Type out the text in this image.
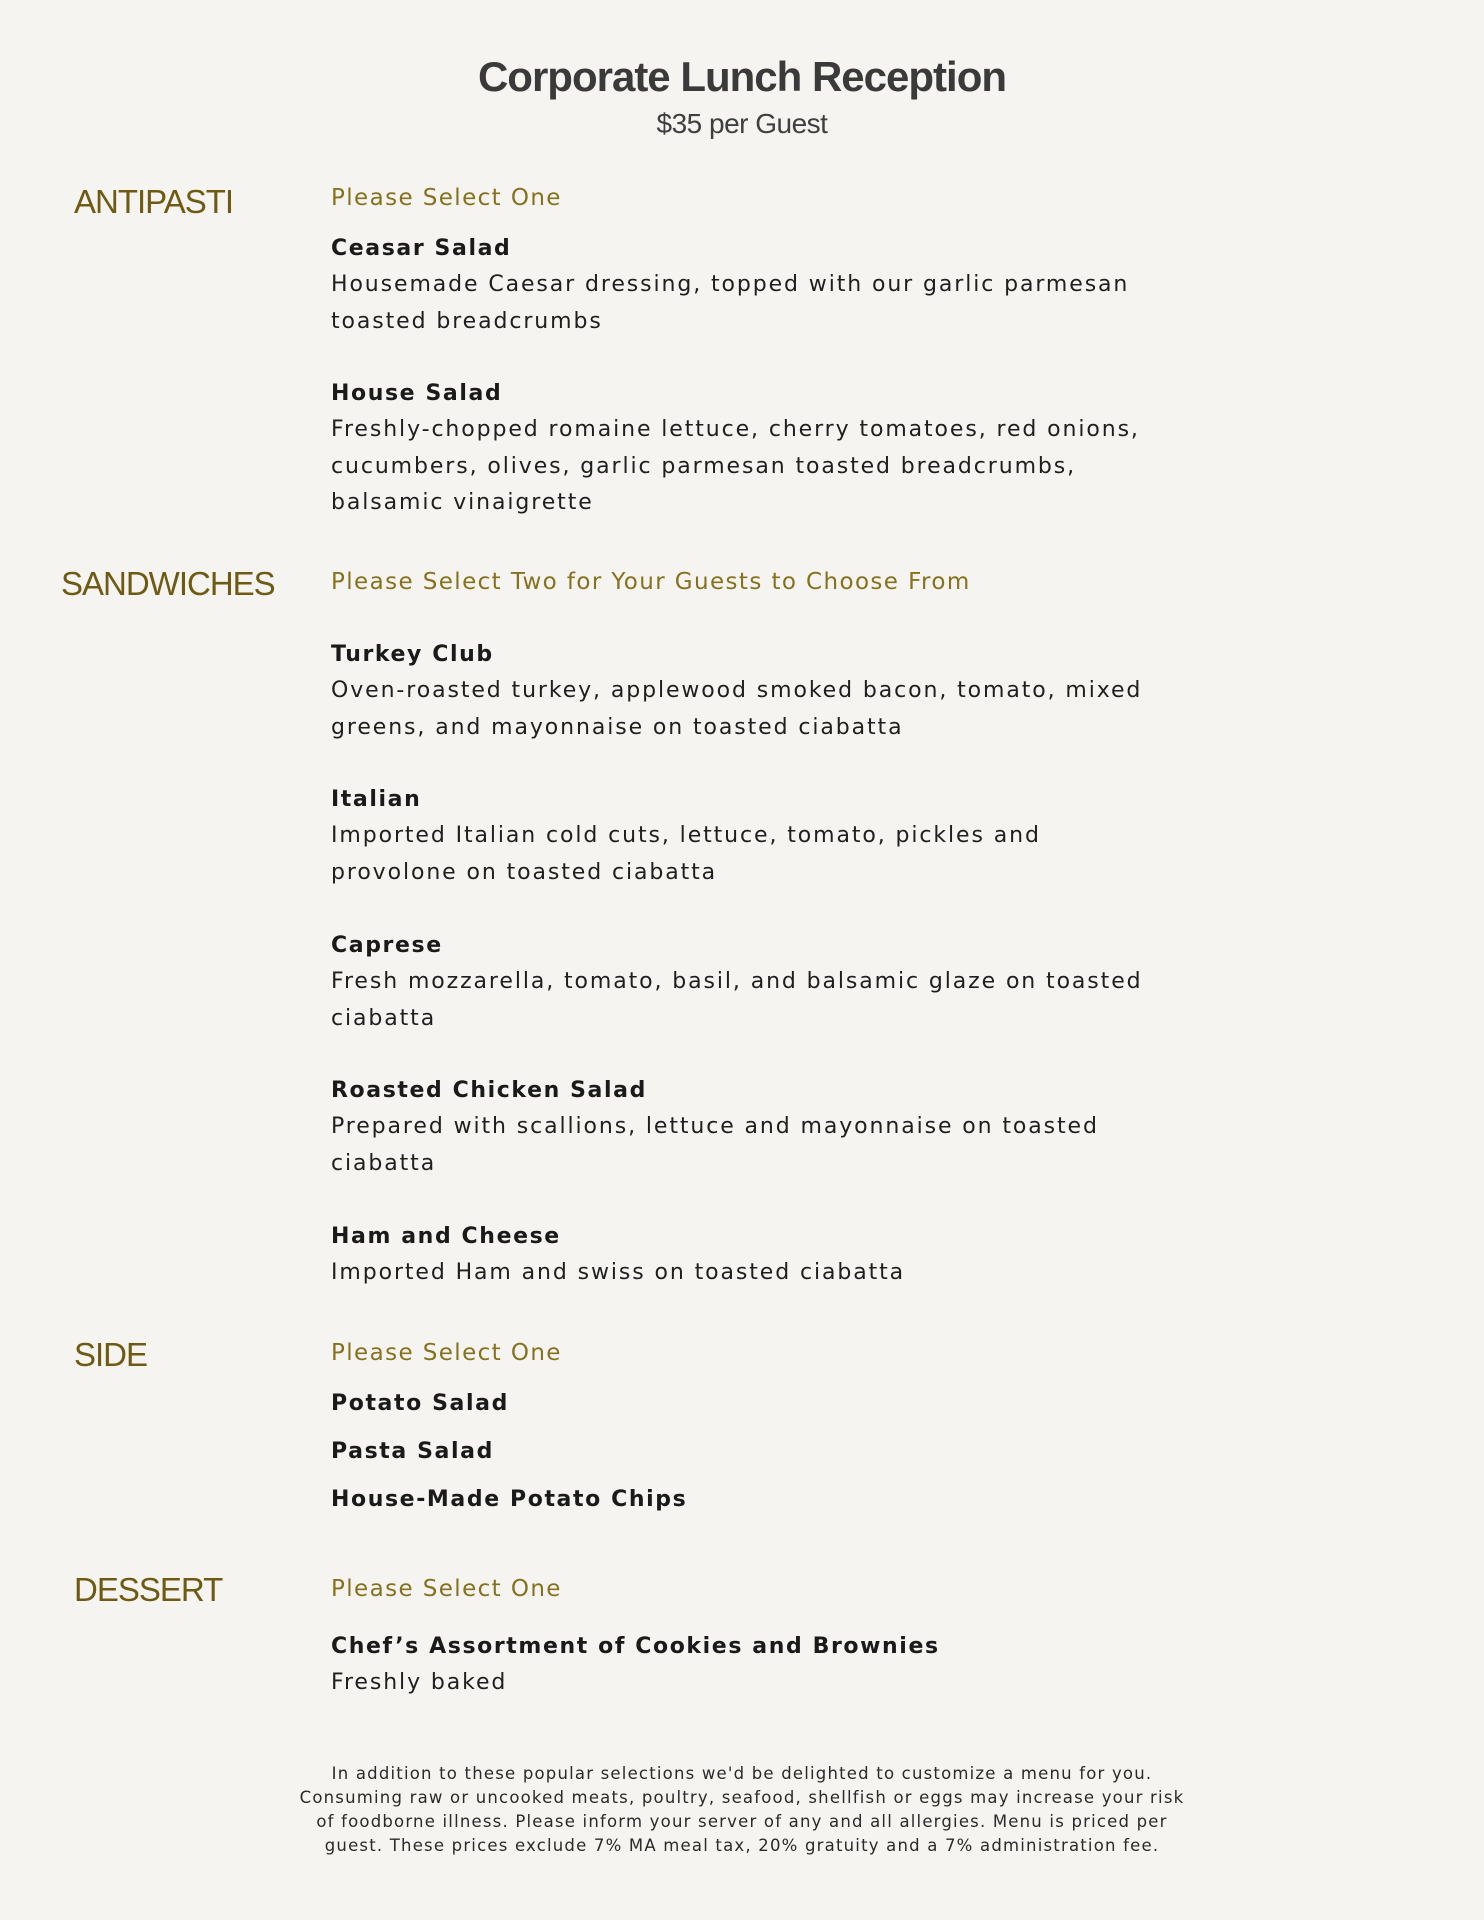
Corporate Lunch Reception
$35 per Guest
ANTIPASTI	Please Select One
Ceasar Salad
Housemade Caesar dressing, topped with our garlic parmesan
toasted breadcrumbs
House Salad
Freshly-chopped romaine lettuce, cherry tomatoes, red onions,
cucumbers, olives, garlic parmesan toasted breadcrumbs,
balsamic vinaigrette
SANDWICHES Please Select Two for Your Guests to Choose From
Turkey Club
Oven-roasted turkey, applewood smoked bacon, tomato, mixed
greens, and mayonnaise on toasted ciabatta
Italian
Imported Italian cold cuts, lettuce, tomato, pickles and
provolone on toasted ciabatta
Caprese
Fresh mozzarella, tomato, basil, and balsamic glaze on toasted
ciabatta
Roasted Chicken Salad
Prepared with scallions, lettuce and mayonnaise on toasted
ciabatta
Ham and Cheese
Imported Ham and swiss on toasted ciabatta
SIDE	Please Select One
Potato Salad
Pasta Salad
House-Made Potato Chips
DESSERT	Please Select One
Chef’s Assortment of Cookies and Brownies
Freshly baked
In addition to these popular selections we'd be delighted to customize a menu for you.
Consuming raw or uncooked meats, poultry, seafood, shellfish or eggs may increase your risk
of foodborne illness. Please inform your server of any and all allergies. Menu is priced per
guest. These prices exclude 7% MA meal tax, 20% gratuity and a 7% administration fee.
